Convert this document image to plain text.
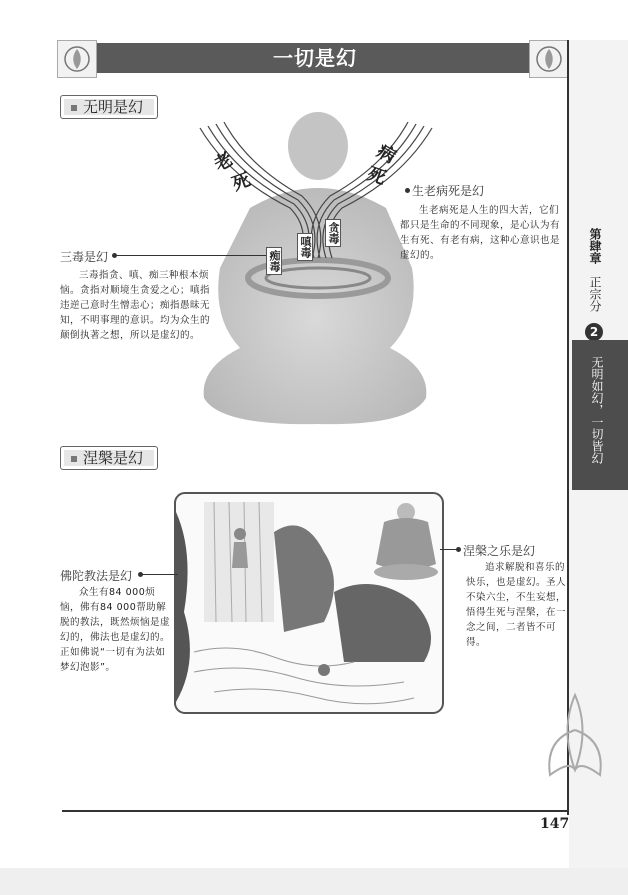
一切是幻
第肆章
正宗分
2
无明如幻，一切皆幻
无明是幻
老
死
病
死
贪毒
嗔毒
痴毒
生老病死是幻
生老病死是人生的四大苦，它们都只是生命的不同现象，是心认为有生有死、有老有病，这种心意识也是虚幻的。
三毒是幻
三毒指贪、嗔、痴三种根本烦恼。贪指对顺境生贪爱之心；嗔指违逆己意时生憎恚心；痴指愚昧无知，不明事理的意识。均为众生的颠倒执著之想，所以是虚幻的。
涅槃是幻
涅槃之乐是幻
追求解脱和喜乐的快乐，也是虚幻。圣人不染六尘，不生妄想，悟得生死与涅槃，在一念之间，二者皆不可得。
佛陀教法是幻
众生有84 000烦恼，佛有84 000帮助解脱的教法，既然烦恼是虚幻的，佛法也是虚幻的。正如佛说“一切有为法如梦幻泡影”。
147
